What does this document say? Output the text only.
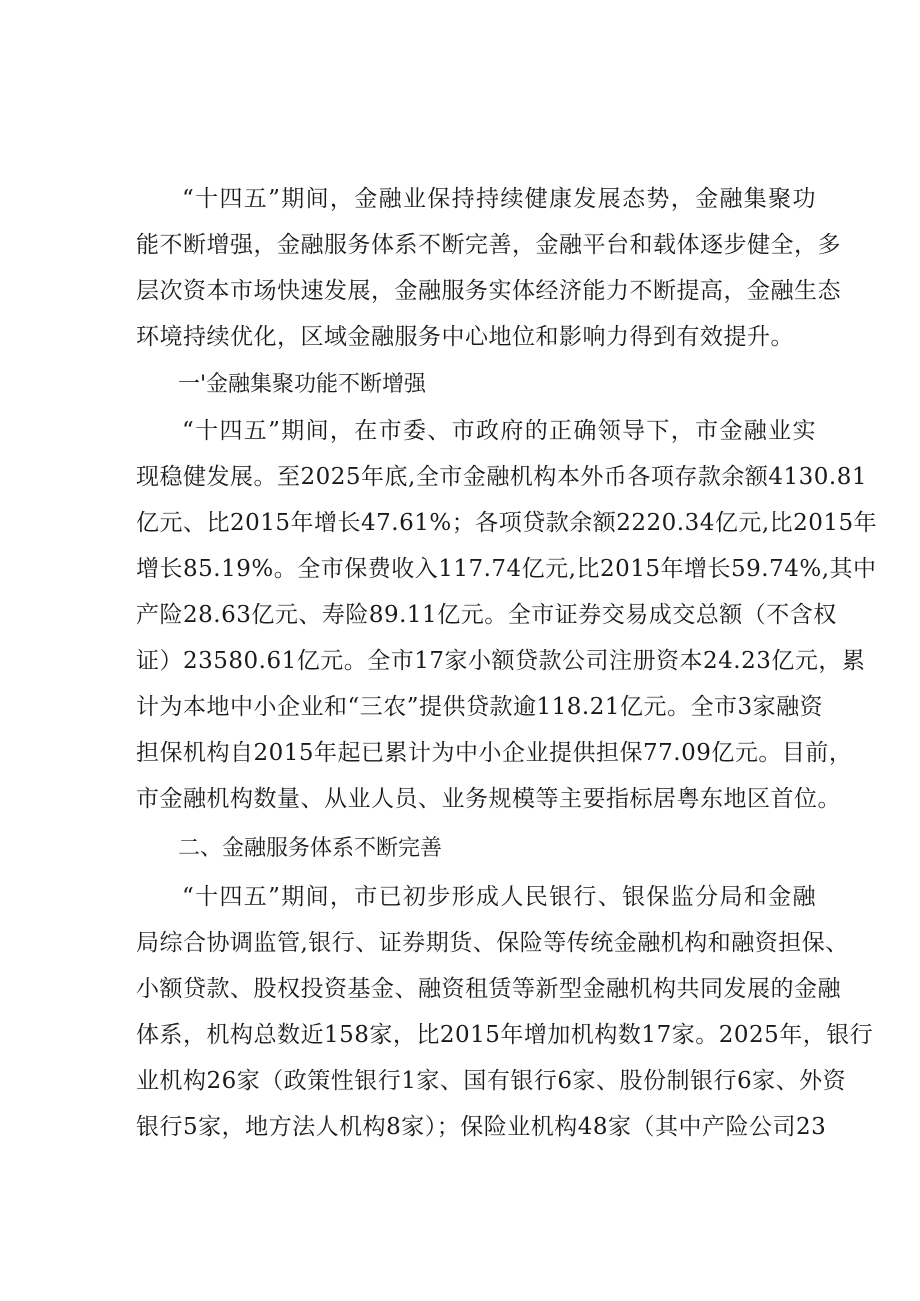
“十四五”期间，金融业保持持续健康发展态势，金融集聚功
能不断增强，金融服务体系不断完善，金融平台和载体逐步健全，多
层次资本市场快速发展，金融服务实体经济能力不断提高，金融生态
环境持续优化，区域金融服务中心地位和影响力得到有效提升。
一'金融集聚功能不断增强
“十四五”期间，在市委、市政府的正确领导下，市金融业实
现稳健发展。至2025年底,全市金融机构本外币各项存款余额4130.81
亿元、比2015年增长47.61%；各项贷款余额2220.34亿元,比2015年
增长85.19%。全市保费收入117.74亿元,比2015年增长59.74%,其中
产险28.63亿元、寿险89.11亿元。全市证券交易成交总额（不含权
证）23580.61亿元。全市17家小额贷款公司注册资本24.23亿元，累
计为本地中小企业和“三农”提供贷款逾118.21亿元。全市3家融资
担保机构自2015年起已累计为中小企业提供担保77.09亿元。目前，
市金融机构数量、从业人员、业务规模等主要指标居粤东地区首位。
二、金融服务体系不断完善
“十四五”期间，市已初步形成人民银行、银保监分局和金融
局综合协调监管,银行、证券期货、保险等传统金融机构和融资担保、
小额贷款、股权投资基金、融资租赁等新型金融机构共同发展的金融
体系，机构总数近158家，比2015年增加机构数17家。2025年，银行
业机构26家（政策性银行1家、国有银行6家、股份制银行6家、外资
银行5家，地方法人机构8家）；保险业机构48家（其中产险公司23
